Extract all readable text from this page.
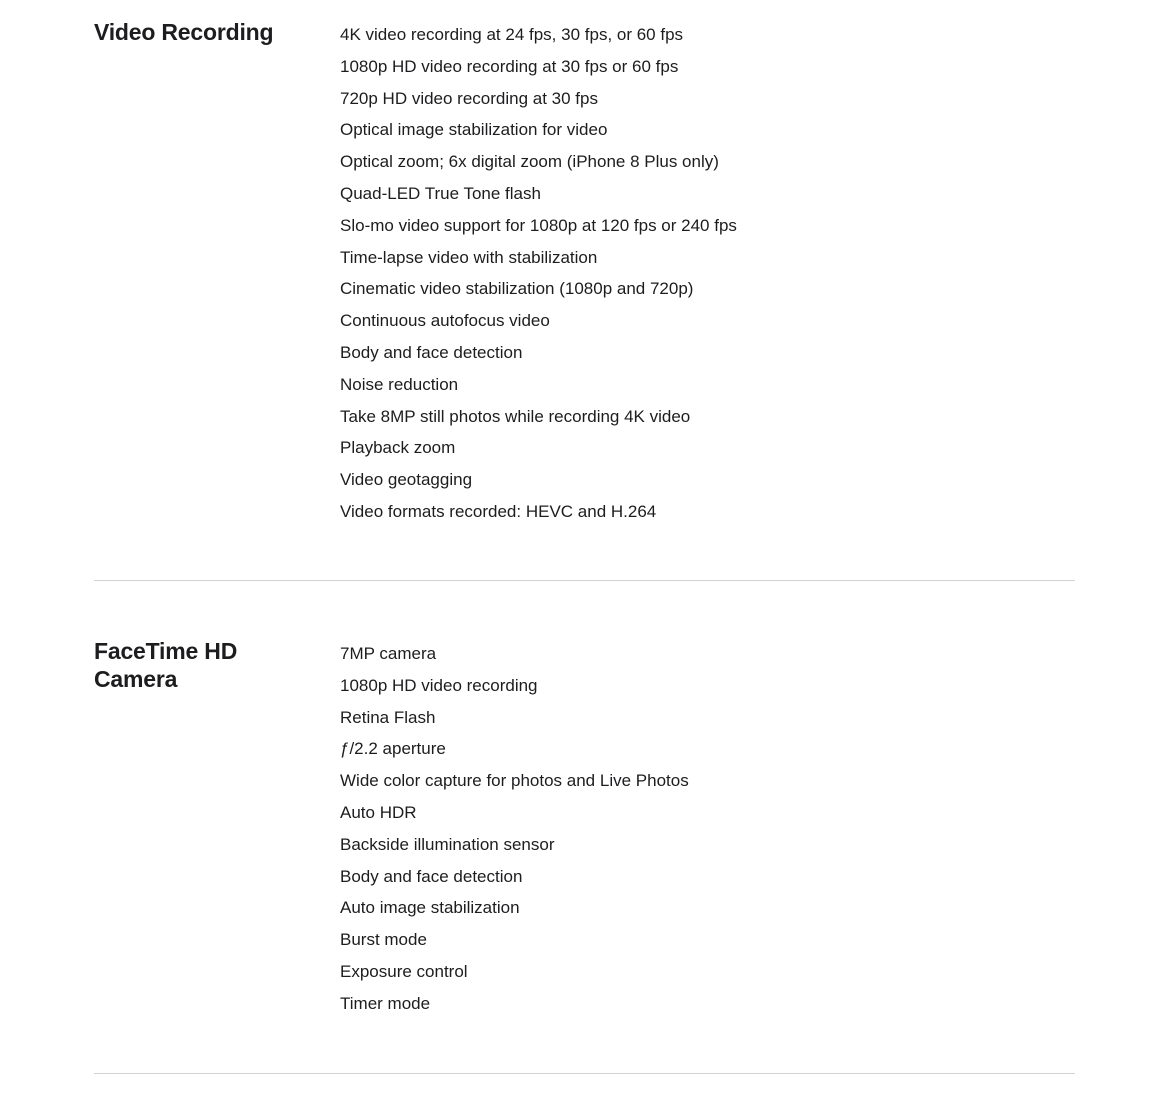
Video Recording	4K video recording at 24 fps, 30 fps, or 60 fps
1080p HD video recording at 30 fps or 60 fps
720p HD video recording at 30 fps
Optical image stabilization for video
Optical zoom; 6x digital zoom (iPhone 8 Plus only)
Quad-LED True Tone flash
Slo-mo video support for 1080p at 120 fps or 240 fps
Time-lapse video with stabilization
Cinematic video stabilization (1080p and 720p)
Continuous autofocus video
Body and face detection
Noise reduction
Take 8MP still photos while recording 4K video
Playback zoom
Video geotagging
Video formats recorded: HEVC and H.264
FaceTime HD Camera
7MP camera
1080p HD video recording
Retina Flash
ƒ/2.2 aperture
Wide color capture for photos and Live Photos
Auto HDR
Backside illumination sensor
Body and face detection
Auto image stabilization
Burst mode
Exposure control
Timer mode
